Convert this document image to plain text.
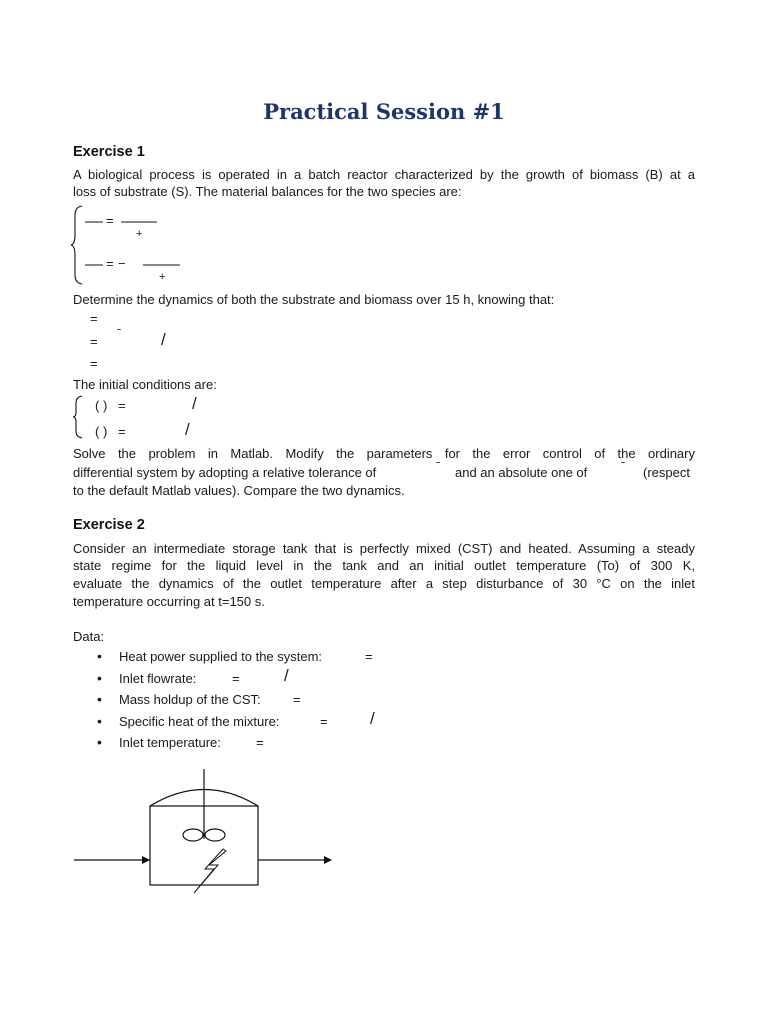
Practical Session #1
Exercise 1
A biological process is operated in a batch reactor characterized by the growth of biomass (B) at a
loss of substrate (S). The material balances for the two species are:
=
+
= −
+
Determine the dynamics of both the substrate and biomass over 15 h, knowing that:
=
=
ˉ /
=
The initial conditions are:
( ) =	/
( ) =	/
Solve the problem in Matlab. Modify the parameters for the error control of the ordinary
differential system by adopting a relative tolerance of	ˉ and an absolute one of	ˉ (respect
to the default Matlab values). Compare the two dynamics.
Exercise 2
Consider an intermediate storage tank that is perfectly mixed (CST) and heated. Assuming a steady
state regime for the liquid level in the tank and an initial outlet temperature (To) of 300 K,
evaluate the dynamics of the outlet temperature after a step disturbance of 30 °C on the inlet
temperature occurring at t=150 s.
Data:
• Heat power supplied to the system:	=
• Inlet flowrate:	=	/
• Mass holdup of the CST: =
• Specific heat of the mixture:	= /
• Inlet temperature:	=
